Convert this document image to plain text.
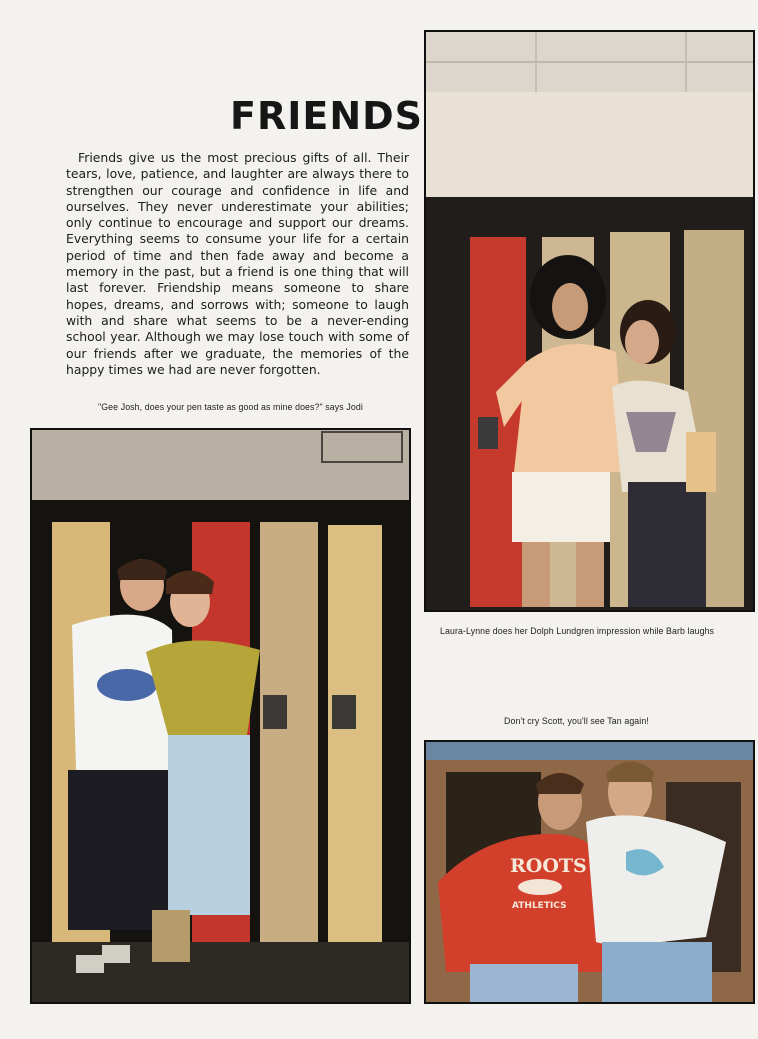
FRIENDS

Friends give us the most precious gifts of all. Their tears, love, patience, and laughter are always there to strengthen our courage and confidence in life and ourselves. They never underestimate your abilities; only continue to encourage and support our dreams. Everything seems to consume your life for a certain period of time and then fade away and become a memory in the past, but a friend is one thing that will last forever. Friendship means someone to share hopes, dreams, and sorrows with; someone to laugh with and share what seems to be a never-ending school year. Although we may lose touch with some of our friends after we graduate, the memories of the happy times we had are never forgotten.

"Gee Josh, does your pen taste as good as mine does?" says Jodi
Laura-Lynne does her Dolph Lundgren impression while Barb laughs
Don't cry Scott, you'll see Tan again!
ROOTS
ATHLETICS
